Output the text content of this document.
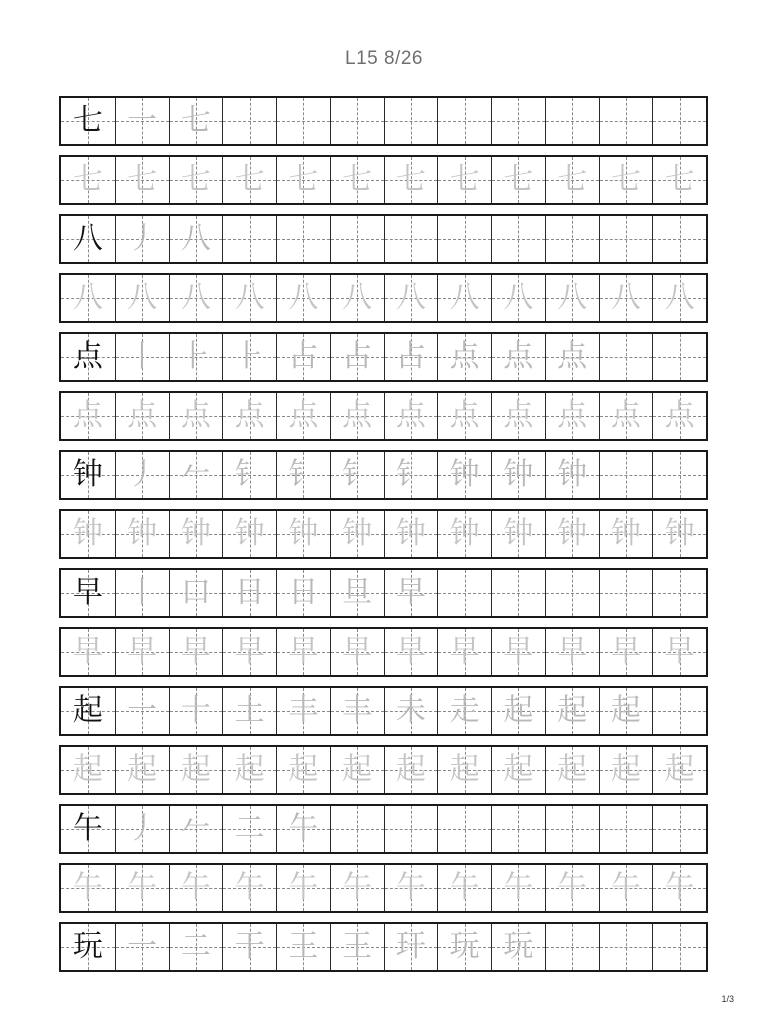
L15 8/26
七 一 七
七 七 七 七 七 七 七 七 七 七 七 七
八 丿 八
八 八 八 八 八 八 八 八 八 八 八 八
点 丨 ⺊ ⺊ 占 占 占 点 点 点
点 点 点 点 点 点 点 点 点 点 点 点
钟 丿 𠂉 钅 钅 钅 钅 钟 钟 钟
钟 钟 钟 钟 钟 钟 钟 钟 钟 钟 钟 钟
早 丨 口 日 日 旦 早
早 早 早 早 早 早 早 早 早 早 早 早
起 一 十 土 丰 丰 未 走 起 起 起
起 起 起 起 起 起 起 起 起 起 起 起
午 丿 𠂉 二 午
午 午 午 午 午 午 午 午 午 午 午 午
玩 一 二 干 王 王 玕 玩 玩
1/3
